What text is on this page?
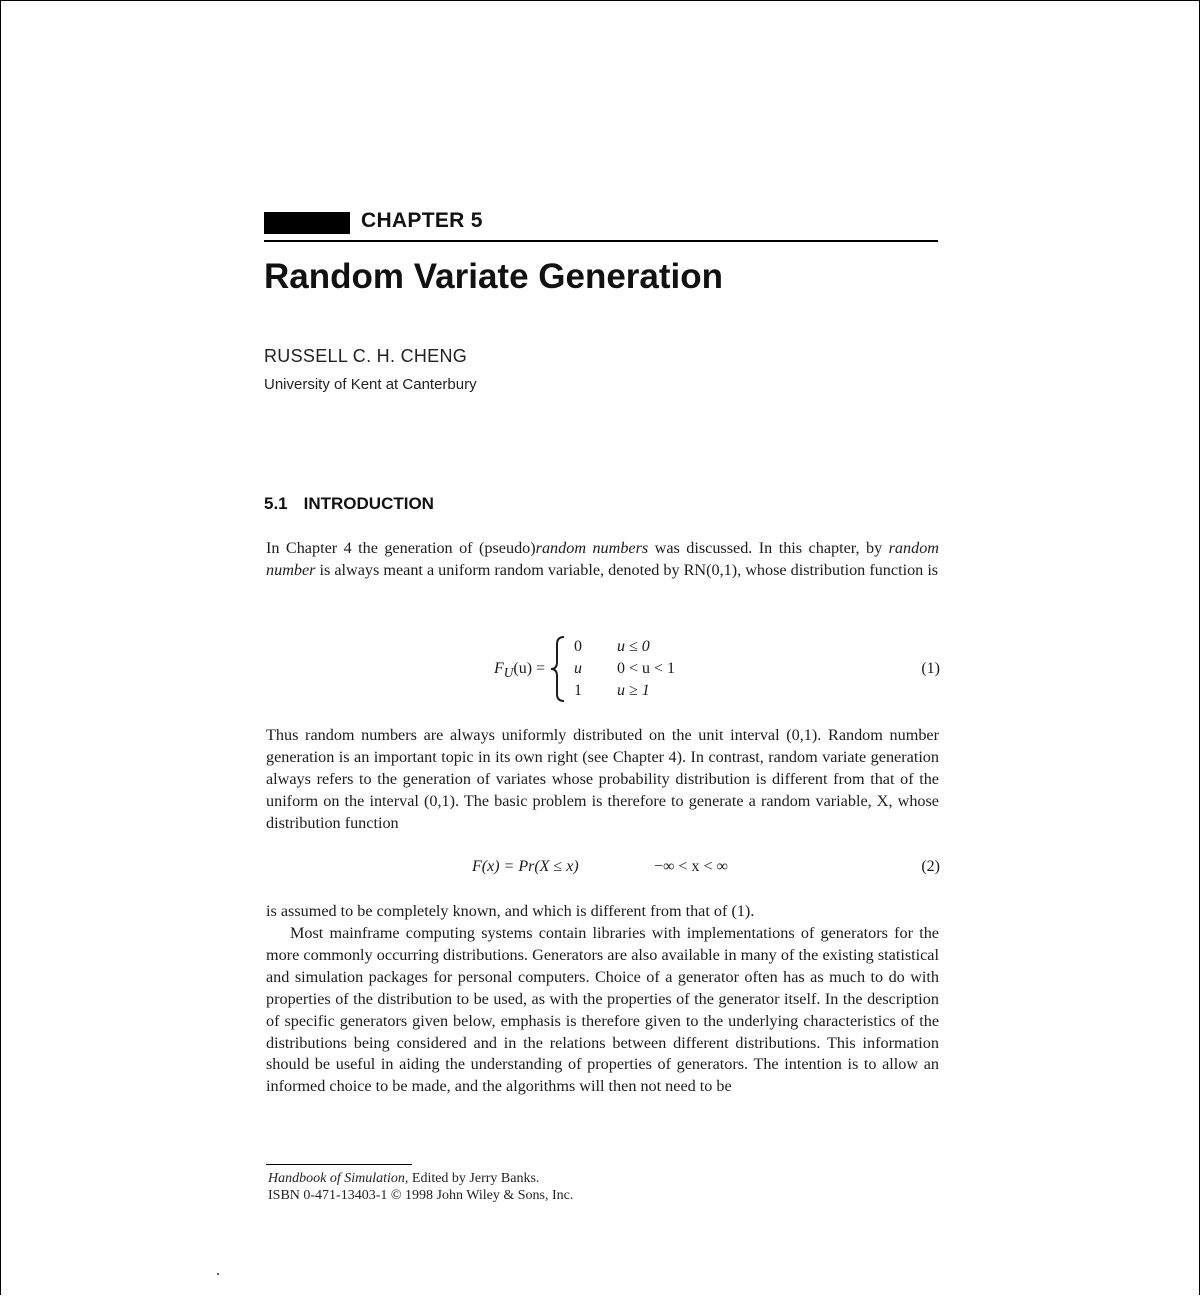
CHAPTER 5
Random Variate Generation
RUSSELL C. H. CHENG
University of Kent at Canterbury
5.1 INTRODUCTION

In Chapter 4 the generation of (pseudo)random numbers was discussed. In this chapter, by random number is always meant a uniform random variable, denoted by RN(0,1), whose distribution function is

$F_U(u)$ =
0	u ≤ 0
u	0 < u < 1
1	u ≥ 1
(1)

Thus random numbers are always uniformly distributed on the unit interval (0,1). Random number generation is an important topic in its own right (see Chapter 4). In contrast, random variate generation always refers to the generation of variates whose probability distribution is different from that of the uniform on the interval (0,1). The basic problem is therefore to generate a random variable, X, whose distribution function

F(x) = Pr(X ≤ x)	−∞ < x < ∞	(2)

is assumed to be completely known, and which is different from that of (1).

Most mainframe computing systems contain libraries with implementations of generators for the more commonly occurring distributions. Generators are also available in many of the existing statistical and simulation packages for personal computers. Choice of a generator often has as much to do with properties of the distribution to be used, as with the properties of the generator itself. In the description of specific generators given below, emphasis is therefore given to the underlying characteristics of the distributions being considered and in the relations between different distributions. This information should be useful in aiding the understanding of properties of generators. The intention is to allow an informed choice to be made, and the algorithms will then not need to be

Handbook of Simulation, Edited by Jerry Banks.
ISBN 0-471-13403-1 © 1998 John Wiley & Sons, Inc.
